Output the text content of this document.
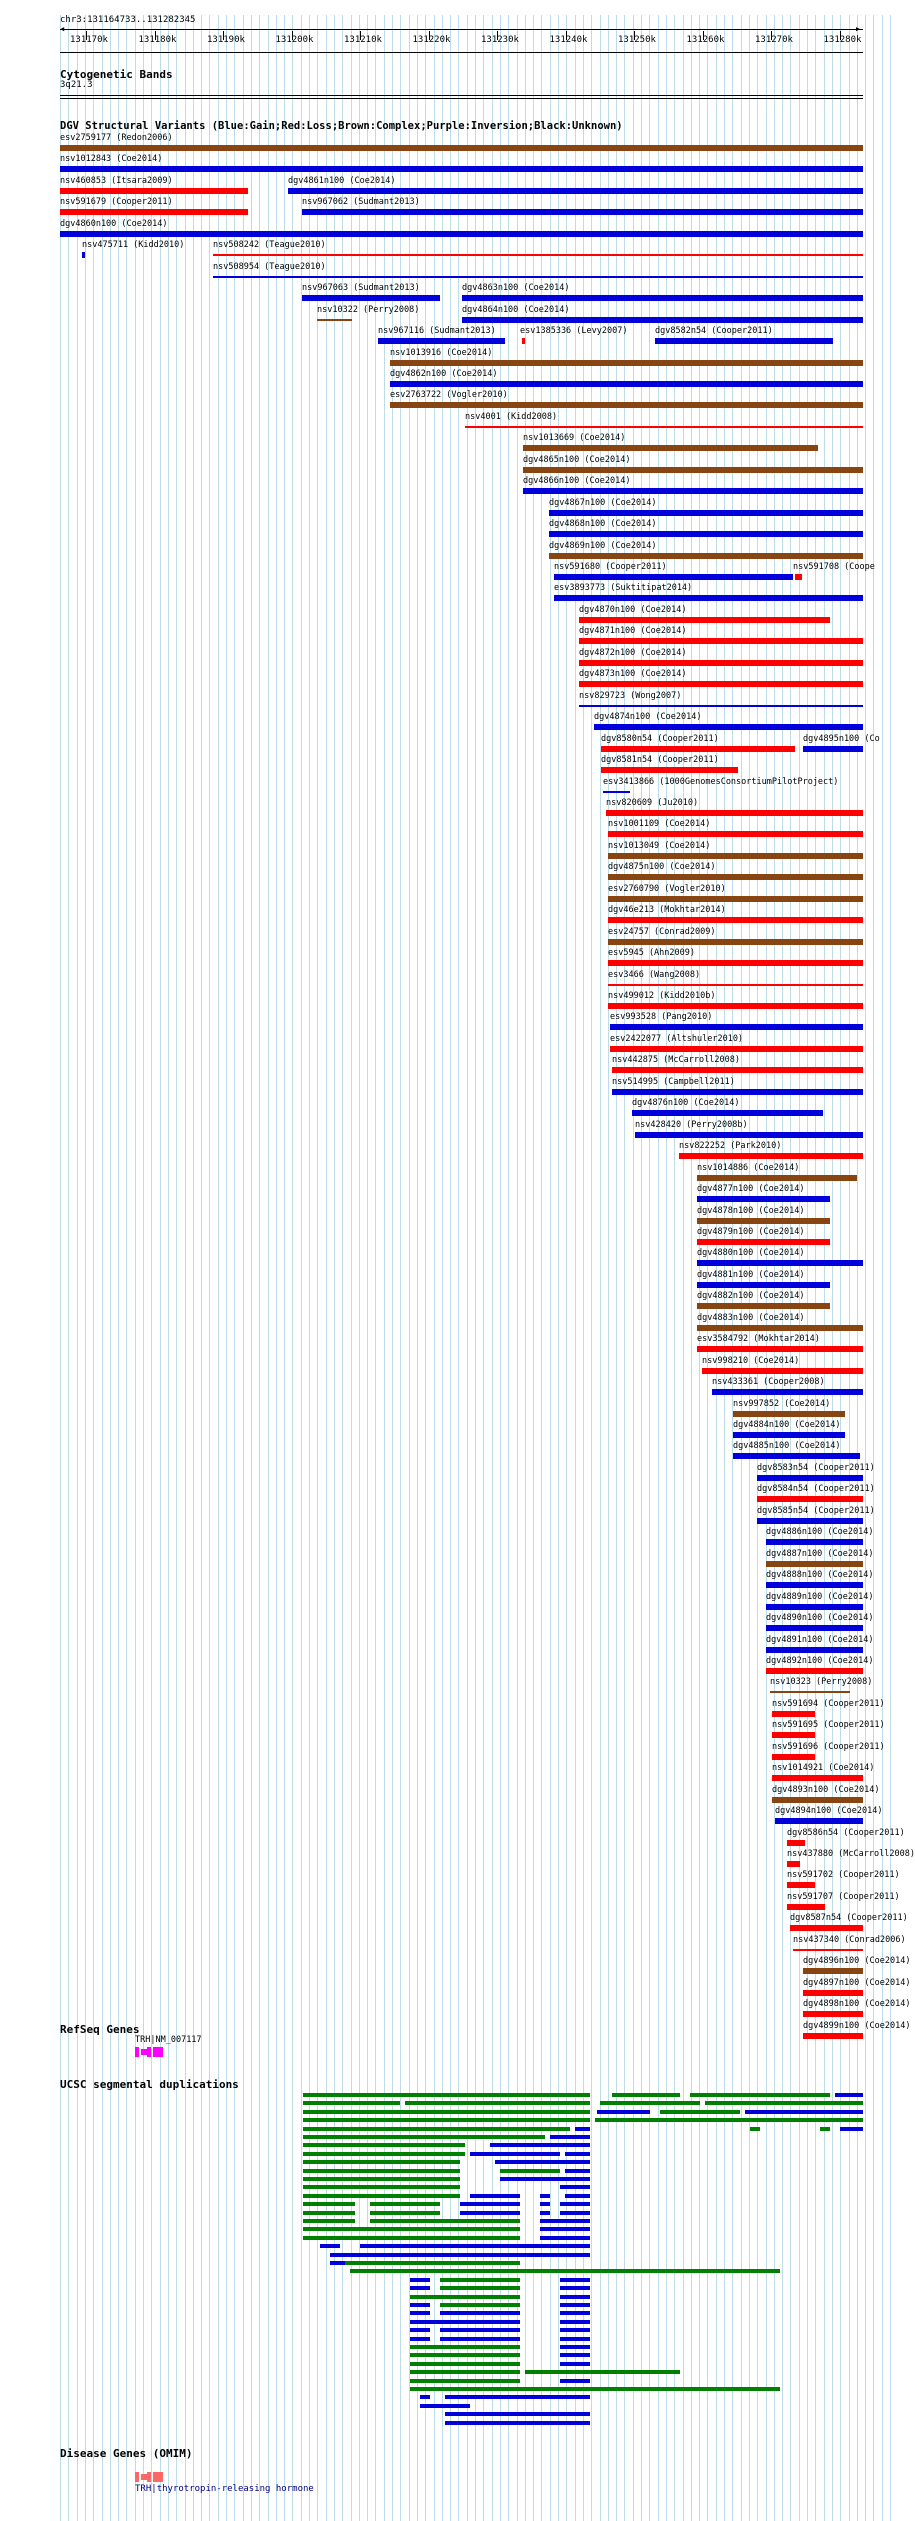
chr3:131164733..131282345
◀	▶
131170k	131180k	131190k	131200k	131210k	131220k	131230k	131240k	131250k	131260k	131270k	131280k
Cytogenetic Bands
3q21.3
DGV Structural Variants (Blue:Gain;Red:Loss;Brown:Complex;Purple:Inversion;Black:Unknown)
esv2759177 (Redon2006)
nsv1012843 (Coe2014)
nsv460853 (Itsara2009)	dgv4861n100 (Coe2014)
nsv591679 (Cooper2011)	nsv967062 (Sudmant2013)
dgv4860n100 (Coe2014)
nsv475711 (Kidd2010)	nsv508242 (Teague2010)
nsv508954 (Teague2010)
nsv967063 (Sudmant2013)	dgv4863n100 (Coe2014)
nsv10322 (Perry2008)	dgv4864n100 (Coe2014)
nsv967116 (Sudmant2013)	esv1385336 (Levy2007)	dgv8582n54 (Cooper2011)
nsv1013916 (Coe2014)
dgv4862n100 (Coe2014)
esv2763722 (Vogler2010)
nsv4001 (Kidd2008)
nsv1013669 (Coe2014)
dgv4865n100 (Coe2014)
dgv4866n100 (Coe2014)
dgv4867n100 (Coe2014)
dgv4868n100 (Coe2014)
dgv4869n100 (Coe2014)
nsv591680 (Cooper2011)	nsv591708 (Coope
esv3893773 (Suktitipat2014)
dgv4870n100 (Coe2014)
dgv4871n100 (Coe2014)
dgv4872n100 (Coe2014)
dgv4873n100 (Coe2014)
nsv829723 (Wong2007)
dgv4874n100 (Coe2014)
dgv8580n54 (Cooper2011)	dgv4895n100 (Co
dgv8581n54 (Cooper2011)
esv3413866 (1000GenomesConsortiumPilotProject)
nsv820609 (Ju2010)
nsv1001109 (Coe2014)
nsv1013049 (Coe2014)
dgv4875n100 (Coe2014)
esv2760790 (Vogler2010)
dgv46e213 (Mokhtar2014)
esv24757 (Conrad2009)
esv5945 (Ahn2009)
esv3466 (Wang2008)
nsv499012 (Kidd2010b)
esv993528 (Pang2010)
esv2422077 (Altshuler2010)
nsv442875 (McCarroll2008)
nsv514995 (Campbell2011)
dgv4876n100 (Coe2014)
nsv428420 (Perry2008b)
nsv822252 (Park2010)
nsv1014886 (Coe2014)
dgv4877n100 (Coe2014)
dgv4878n100 (Coe2014)
dgv4879n100 (Coe2014)
dgv4880n100 (Coe2014)
dgv4881n100 (Coe2014)
dgv4882n100 (Coe2014)
dgv4883n100 (Coe2014)
esv3584792 (Mokhtar2014)
nsv998210 (Coe2014)
nsv433361 (Cooper2008)
nsv997852 (Coe2014)
dgv4884n100 (Coe2014)
dgv4885n100 (Coe2014)
dgv8583n54 (Cooper2011)
dgv8584n54 (Cooper2011)
dgv8585n54 (Cooper2011)
dgv4886n100 (Coe2014)
dgv4887n100 (Coe2014)
dgv4888n100 (Coe2014)
dgv4889n100 (Coe2014)
dgv4890n100 (Coe2014)
dgv4891n100 (Coe2014)
dgv4892n100 (Coe2014)
nsv10323 (Perry2008)
nsv591694 (Cooper2011)
nsv591695 (Cooper2011)
nsv591696 (Cooper2011)
nsv1014921 (Coe2014)
dgv4893n100 (Coe2014)
dgv4894n100 (Coe2014)
dgv8586n54 (Cooper2011)
nsv437880 (McCarroll2008)
nsv591702 (Cooper2011)
nsv591707 (Cooper2011)
dgv8587n54 (Cooper2011)
nsv437340 (Conrad2006)
dgv4896n100 (Coe2014)
dgv4897n100 (Coe2014)
dgv4898n100 (Coe2014)
dgv4899n100 (Coe2014)
RefSeq Genes
TRH|NM_007117
UCSC segmental duplications
Disease Genes (OMIM)
TRH|thyrotropin-releasing hormone
